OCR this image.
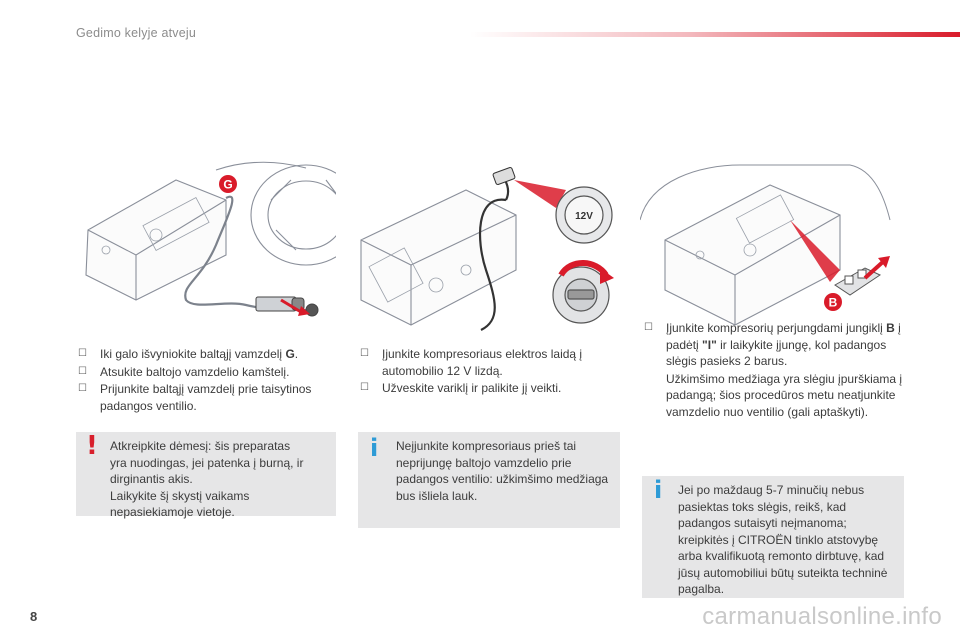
Gedimo kelyje atveju
G
12V
B
☐ Iki galo išvyniokite baltąjį vamzdelį G.
☐ Atsukite baltojo vamzdelio kamštelį.
☐ Prijunkite baltąjį vamzdelį prie taisytinos padangos ventilio.
☐ Įjunkite kompresoriaus elektros laidą į automobilio 12 V lizdą.
☐ Užveskite variklį ir palikite jį veikti.
☐ Įjunkite kompresorių perjungdami jungiklį B į padėtį "I" ir laikykite įjungę, kol padangos slėgis pasieks 2 barus.
Užkimšimo medžiaga yra slėgiu įpurškiama į padangą; šios procedūros metu neatjunkite vamzdelio nuo ventilio (gali aptaškyti).
! Atkreipkite dėmesį: šis preparatas
yra nuodingas, jei patenka į burną, ir
dirginantis akis.
Laikykite šį skystį vaikams
nepasiekiamoje vietoje.
i Neįjunkite kompresoriaus prieš tai
neprijungę baltojo vamzdelio prie
padangos ventilio: užkimšimo medžiaga
bus išliela lauk.	i Jei po maždaug 5-7 minučių nebus
pasiektas toks slėgis, reikš, kad
padangos sutaisyti neįmanoma;
kreipkitės į CITROËN tinklo atstovybę
arba kvalifikuotą remonto dirbtuvę, kad
jūsų automobiliui būtų suteikta techninė
pagalba.
8	carmanualsonline.info
